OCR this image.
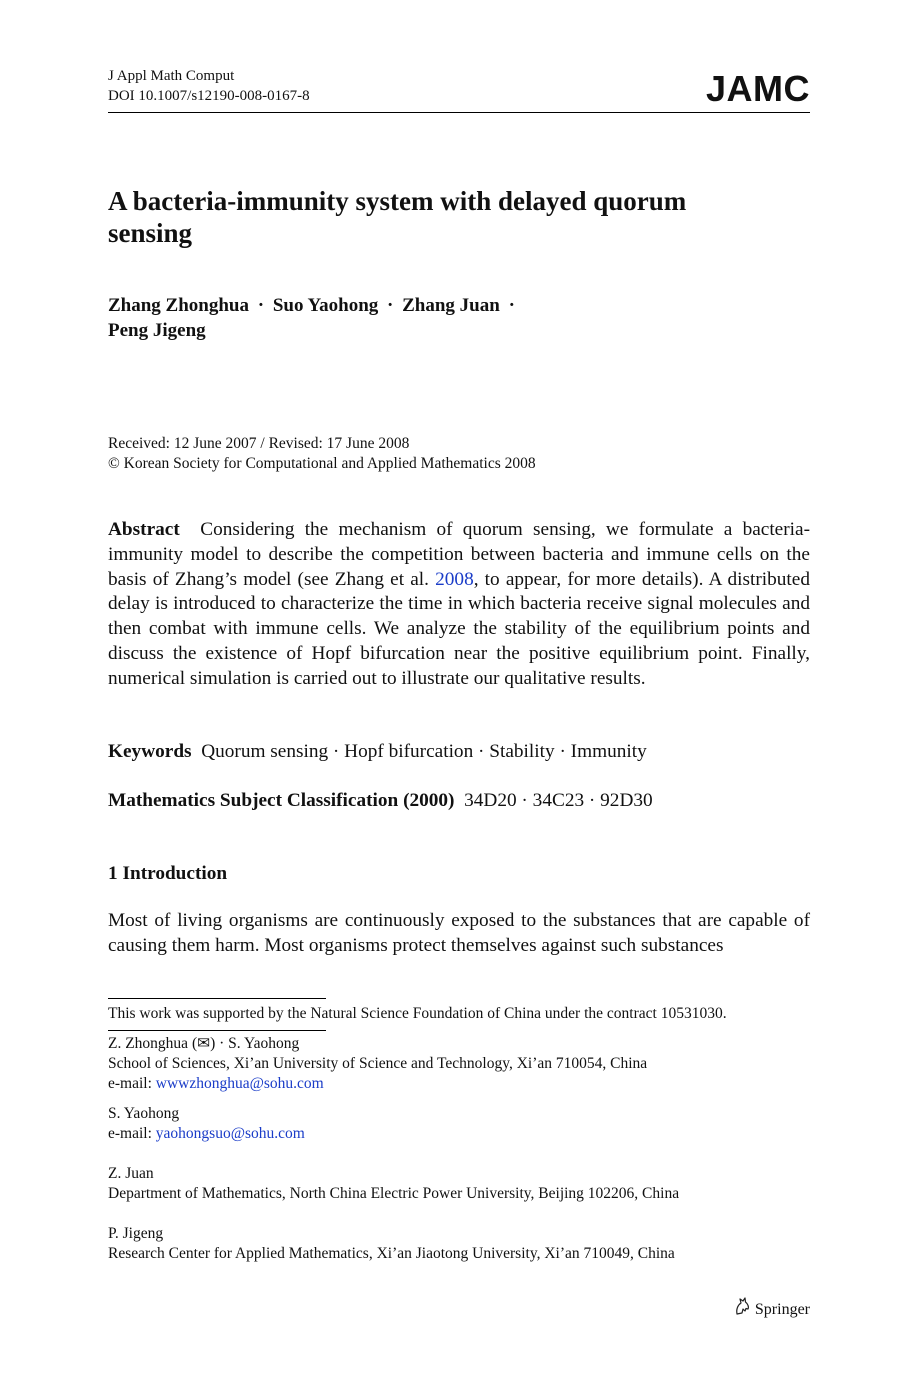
J Appl Math Comput
DOI 10.1007/s12190-008-0167-8	JAMC
A bacteria-immunity system with delayed quorum
sensing
Zhang Zhonghua · Suo Yaohong · Zhang Juan ·
Peng Jigeng
Received: 12 June 2007 / Revised: 17 June 2008
© Korean Society for Computational and Applied Mathematics 2008
Abstract Considering the mechanism of quorum sensing, we formulate a bacteria-immunity model to describe the competition between bacteria and immune cells on the basis of Zhang’s model (see Zhang et al. 2008, to appear, for more details). A distributed delay is introduced to characterize the time in which bacteria receive signal molecules and then combat with immune cells. We analyze the stability of the equilibrium points and discuss the existence of Hopf bifurcation near the positive equilibrium point. Finally, numerical simulation is carried out to illustrate our qualitative results.
Keywords Quorum sensing · Hopf bifurcation · Stability · Immunity
Mathematics Subject Classification (2000) 34D20 · 34C23 · 92D30
1 Introduction
Most of living organisms are continuously exposed to the substances that are capable of causing them harm. Most organisms protect themselves against such substances
This work was supported by the Natural Science Foundation of China under the contract 10531030.
Z. Zhonghua (✉) · S. Yaohong
School of Sciences, Xi’an University of Science and Technology, Xi’an 710054, China
e-mail: wwwzhonghua@sohu.com
S. Yaohong
e-mail: yaohongsuo@sohu.com
Z. Juan
Department of Mathematics, North China Electric Power University, Beijing 102206, China
P. Jigeng
Research Center for Applied Mathematics, Xi’an Jiaotong University, Xi’an 710049, China
Springer
